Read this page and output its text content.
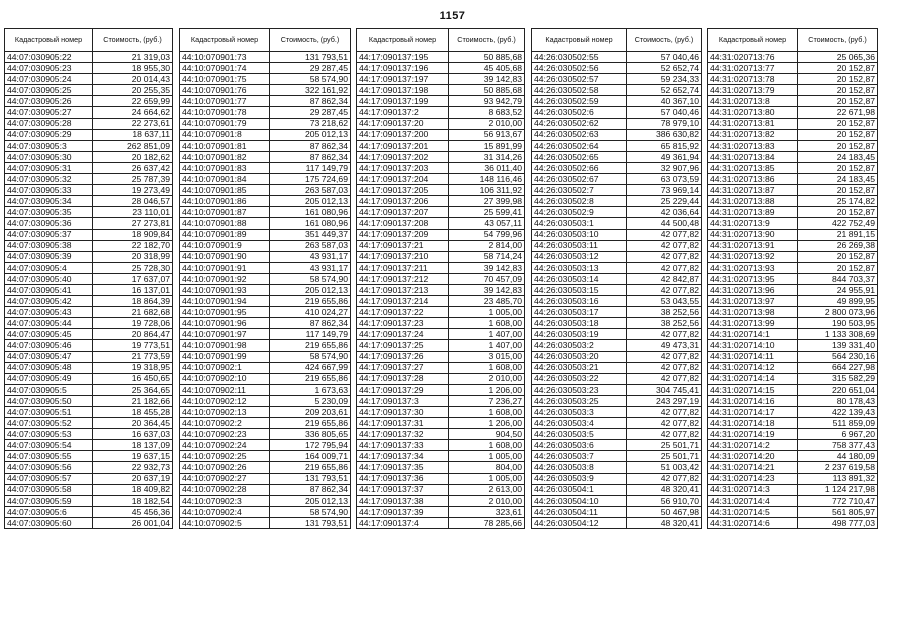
1157
Кадастровый номер	Стоимость, (руб.)
44:07:030905:22	21 319,03
44:07:030905:23	18 955,30
44:07:030905:24	20 014,43
44:07:030905:25	20 255,35
44:07:030905:26	22 659,99
44:07:030905:27	24 664,62
44:07:030905:28	22 273,61
44:07:030905:29	18 637,11
44:07:030905:3	262 851,09
44:07:030905:30	20 182,62
44:07:030905:31	26 637,42
44:07:030905:32	25 787,39
44:07:030905:33	19 273,49
44:07:030905:34	28 046,57
44:07:030905:35	23 110,01
44:07:030905:36	27 273,81
44:07:030905:37	18 909,84
44:07:030905:38	22 182,70
44:07:030905:39	20 318,99
44:07:030905:4	25 728,30
44:07:030905:40	17 637,07
44:07:030905:41	16 137,01
44:07:030905:42	18 864,39
44:07:030905:43	21 682,68
44:07:030905:44	19 728,06
44:07:030905:45	20 864,47
44:07:030905:46	19 773,51
44:07:030905:47	21 773,59
44:07:030905:48	19 318,95
44:07:030905:49	16 450,65
44:07:030905:5	25 364,65
44:07:030905:50	21 182,66
44:07:030905:51	18 455,28
44:07:030905:52	20 364,45
44:07:030905:53	16 637,03
44:07:030905:54	18 137,09
44:07:030905:55	19 637,15
44:07:030905:56	22 932,73
44:07:030905:57	20 637,19
44:07:030905:58	18 409,82
44:07:030905:59	18 182,54
44:07:030905:6	45 456,36
44:07:030905:60	26 001,04
Кадастровый номер	Стоимость, (руб.)
44:10:070901:73	131 793,51
44:10:070901:74	29 287,45
44:10:070901:75	58 574,90
44:10:070901:76	322 161,92
44:10:070901:77	87 862,34
44:10:070901:78	29 287,45
44:10:070901:79	73 218,62
44:10:070901:8	205 012,13
44:10:070901:81	87 862,34
44:10:070901:82	87 862,34
44:10:070901:83	117 149,79
44:10:070901:84	175 724,69
44:10:070901:85	263 587,03
44:10:070901:86	205 012,13
44:10:070901:87	161 080,96
44:10:070901:88	161 080,96
44:10:070901:89	351 449,37
44:10:070901:9	263 587,03
44:10:070901:90	43 931,17
44:10:070901:91	43 931,17
44:10:070901:92	58 574,90
44:10:070901:93	205 012,13
44:10:070901:94	219 655,86
44:10:070901:95	410 024,27
44:10:070901:96	87 862,34
44:10:070901:97	117 149,79
44:10:070901:98	219 655,86
44:10:070901:99	58 574,90
44:10:070902:1	424 667,99
44:10:070902:10	219 655,86
44:10:070902:11	1 673,63
44:10:070902:12	5 230,09
44:10:070902:13	209 203,61
44:10:070902:2	219 655,86
44:10:070902:23	336 805,65
44:10:070902:24	172 795,94
44:10:070902:25	164 009,71
44:10:070902:26	219 655,86
44:10:070902:27	131 793,51
44:10:070902:28	87 862,34
44:10:070902:3	205 012,13
44:10:070902:4	58 574,90
44:10:070902:5	131 793,51
Кадастровый номер	Стоимость, (руб.)
44:17:090137:195	50 885,68
44:17:090137:196	45 405,68
44:17:090137:197	39 142,83
44:17:090137:198	50 885,68
44:17:090137:199	93 942,79
44:17:090137:2	8 683,52
44:17:090137:20	2 010,00
44:17:090137:200	56 913,67
44:17:090137:201	15 891,99
44:17:090137:202	31 314,26
44:17:090137:203	36 011,40
44:17:090137:204	148 116,46
44:17:090137:205	106 311,92
44:17:090137:206	27 399,98
44:17:090137:207	25 599,41
44:17:090137:208	43 057,11
44:17:090137:209	54 799,96
44:17:090137:21	2 814,00
44:17:090137:210	58 714,24
44:17:090137:211	39 142,83
44:17:090137:212	70 457,09
44:17:090137:213	39 142,83
44:17:090137:214	23 485,70
44:17:090137:22	1 005,00
44:17:090137:23	1 608,00
44:17:090137:24	1 407,00
44:17:090137:25	1 407,00
44:17:090137:26	3 015,00
44:17:090137:27	1 608,00
44:17:090137:28	2 010,00
44:17:090137:29	1 206,00
44:17:090137:3	7 236,27
44:17:090137:30	1 608,00
44:17:090137:31	1 206,00
44:17:090137:32	904,50
44:17:090137:33	1 608,00
44:17:090137:34	1 005,00
44:17:090137:35	804,00
44:17:090137:36	1 005,00
44:17:090137:37	2 613,00
44:17:090137:38	2 010,00
44:17:090137:39	323,61
44:17:090137:4	78 285,66
Кадастровый номер	Стоимость, (руб.)
44:26:030502:55	57 040,46
44:26:030502:56	52 652,74
44:26:030502:57	59 234,33
44:26:030502:58	52 652,74
44:26:030502:59	40 367,10
44:26:030502:6	57 040,46
44:26:030502:62	78 979,10
44:26:030502:63	386 630,82
44:26:030502:64	65 815,92
44:26:030502:65	49 361,94
44:26:030502:66	32 907,96
44:26:030502:67	63 073,59
44:26:030502:7	73 969,14
44:26:030502:8	25 229,44
44:26:030502:9	42 036,64
44:26:030503:1	44 500,48
44:26:030503:10	42 077,82
44:26:030503:11	42 077,82
44:26:030503:12	42 077,82
44:26:030503:13	42 077,82
44:26:030503:14	42 842,87
44:26:030503:15	42 077,82
44:26:030503:16	53 043,55
44:26:030503:17	38 252,56
44:26:030503:18	38 252,56
44:26:030503:19	42 077,82
44:26:030503:2	49 473,31
44:26:030503:20	42 077,82
44:26:030503:21	42 077,82
44:26:030503:22	42 077,82
44:26:030503:23	304 745,41
44:26:030503:25	243 297,19
44:26:030503:3	42 077,82
44:26:030503:4	42 077,82
44:26:030503:5	42 077,82
44:26:030503:6	25 501,71
44:26:030503:7	25 501,71
44:26:030503:8	51 003,42
44:26:030503:9	42 077,82
44:26:030504:1	48 320,41
44:26:030504:10	56 910,70
44:26:030504:11	50 467,98
44:26:030504:12	48 320,41
Кадастровый номер	Стоимость, (руб.)
44:31:020713:76	25 065,36
44:31:020713:77	20 152,87
44:31:020713:78	20 152,87
44:31:020713:79	20 152,87
44:31:020713:8	20 152,87
44:31:020713:80	22 671,98
44:31:020713:81	20 152,87
44:31:020713:82	20 152,87
44:31:020713:83	20 152,87
44:31:020713:84	24 183,45
44:31:020713:85	20 152,87
44:31:020713:86	24 183,45
44:31:020713:87	20 152,87
44:31:020713:88	25 174,82
44:31:020713:89	20 152,87
44:31:020713:9	422 752,49
44:31:020713:90	21 891,15
44:31:020713:91	26 269,38
44:31:020713:92	20 152,87
44:31:020713:93	20 152,87
44:31:020713:95	844 703,37
44:31:020713:96	24 955,91
44:31:020713:97	49 899,95
44:31:020713:98	2 800 073,96
44:31:020713:99	190 503,95
44:31:020714:1	1 133 308,69
44:31:020714:10	139 331,40
44:31:020714:11	564 230,16
44:31:020714:12	664 227,98
44:31:020714:14	315 582,29
44:31:020714:15	220 651,04
44:31:020714:16	80 178,43
44:31:020714:17	422 139,43
44:31:020714:18	511 859,09
44:31:020714:19	6 967,20
44:31:020714:2	758 377,43
44:31:020714:20	44 180,09
44:31:020714:21	2 237 619,58
44:31:020714:23	113 891,32
44:31:020714:3	1 124 217,98
44:31:020714:4	772 710,47
44:31:020714:5	561 805,97
44:31:020714:6	498 777,03
